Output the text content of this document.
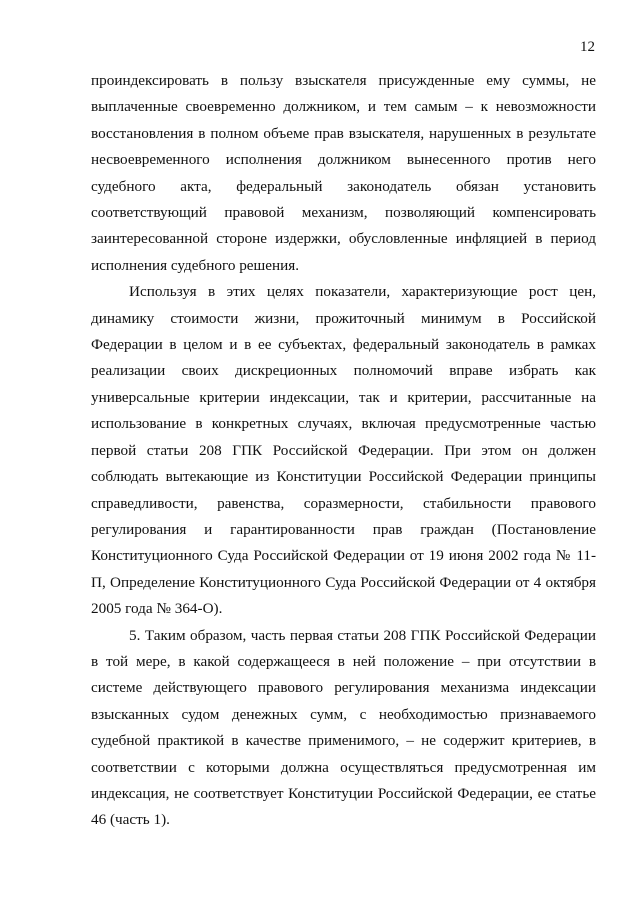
12

проиндексировать в пользу взыскателя присужденные ему суммы, не выплаченные своевременно должником, и тем самым – к невозможности восстановления в полном объеме прав взыскателя, нарушенных в результате несвоевременного исполнения должником вынесенного против него судебного акта, федеральный законодатель обязан установить соответствующий правовой механизм, позволяющий компенсировать заинтересованной стороне издержки, обусловленные инфляцией в период исполнения судебного решения.

Используя в этих целях показатели, характеризующие рост цен, динамику стоимости жизни, прожиточный минимум в Российской Федерации в целом и в ее субъектах, федеральный законодатель в рамках реализации своих дискреционных полномочий вправе избрать как универсальные критерии индексации, так и критерии, рассчитанные на использование в конкретных случаях, включая предусмотренные частью первой статьи 208 ГПК Российской Федерации. При этом он должен соблюдать вытекающие из Конституции Российской Федерации принципы справедливости, равенства, соразмерности, стабильности правового регулирования и гарантированности прав граждан (Постановление Конституционного Суда Российской Федерации от 19 июня 2002 года № 11-П, Определение Конституционного Суда Российской Федерации от 4 октября 2005 года № 364-О).

5. Таким образом, часть первая статьи 208 ГПК Российской Федерации в той мере, в какой содержащееся в ней положение – при отсутствии в системе действующего правового регулирования механизма индексации взысканных судом денежных сумм, с необходимостью признаваемого судебной практикой в качестве применимого, – не содержит критериев, в соответствии с которыми должна осуществляться предусмотренная им индексация, не соответствует Конституции Российской Федерации, ее статье 46 (часть 1).
